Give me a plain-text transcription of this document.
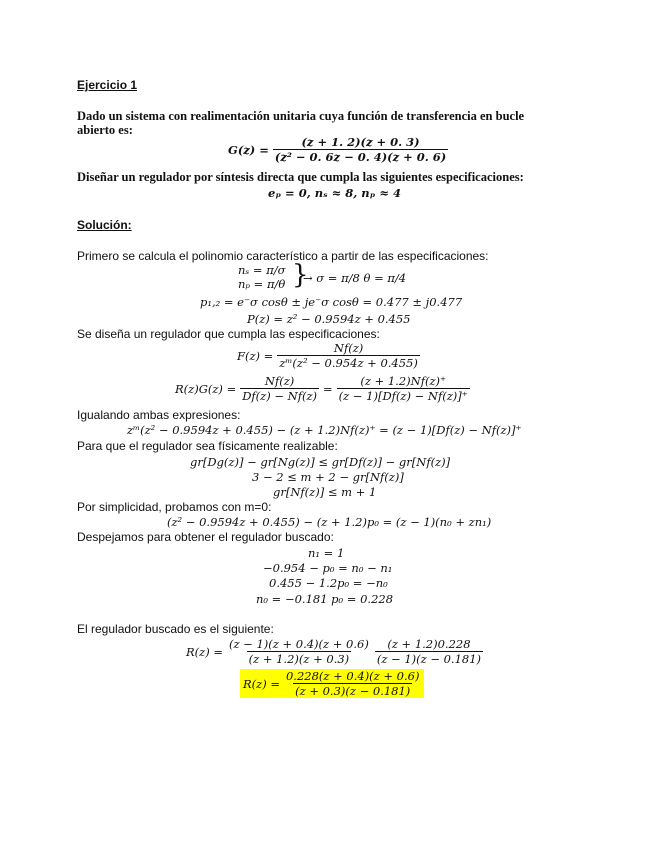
Ejercicio 1
Dado un sistema con realimentación unitaria cuya función de transferencia en bucle
abierto es:
$G(z) = \frac{(z + 1. 2)(z + 0. 3)}{\text{(z² − 0. 6z − 0. 4)(z + 0. 6)}}$
Diseñar un regulador por síntesis directa que cumpla las siguientes especificaciones:
eₚ = 0, nₛ ≈ 8, nₚ ≈ 4
Solución:
Primero se calcula el polinomio característico a partir de las especificaciones:
nₛ = π/σ
nₚ = π/θ }
→ σ = π/8 θ = π/4
p₁,₂ = e⁻σ cosθ ± je⁻σ cosθ = 0.477 ± j0.477
P(z) = z² − 0.9594z + 0.455
Se diseña un regulador que cumpla las especificaciones:
$F(z) = \frac{Nf(z)}{\text{zᵐ(z² − 0.954z + 0.455)}}$
$R(z)G(z) = \frac{Nf(z)}{Df(z) - Nf(z)} = \frac{(z + 1.2)Nf(z)^+}{(z - 1)[Df(z) - Nf(z)]^+}$
Igualando ambas expresiones:
zᵐ(z² − 0.9594z + 0.455) − (z + 1.2)Nf(z)⁺ = (z − 1)[Df(z) − Nf(z)]⁺
Para que el regulador sea físicamente realizable:
gr[Dg(z)] − gr[Ng(z)] ≤ gr[Df(z)] − gr[Nf(z)]
3 − 2 ≤ m + 2 − gr[Nf(z)]
gr[Nf(z)] ≤ m + 1
Por simplicidad, probamos con m=0:
(z² − 0.9594z + 0.455) − (z + 1.2)p₀ = (z − 1)(n₀ + zn₁)
Despejamos para obtener el regulador buscado:
n₁ = 1
−0.954 − p₀ = n₀ − n₁
0.455 − 1.2p₀ = −n₀
n₀ = −0.181 p₀ = 0.228
El regulador buscado es el siguiente:
$R(z) = \frac{(z - 1)(z + 0.4)(z + 0.6)}{(z + 1.2)(z + 0.3)} \frac{(z + 1.2)0.228}{(z - 1)(z - 0.181)}$
$R(z) = \frac{0.228(z + 0.4)(z + 0.6)}{(z + 0.3)(z - 0.181)}$
